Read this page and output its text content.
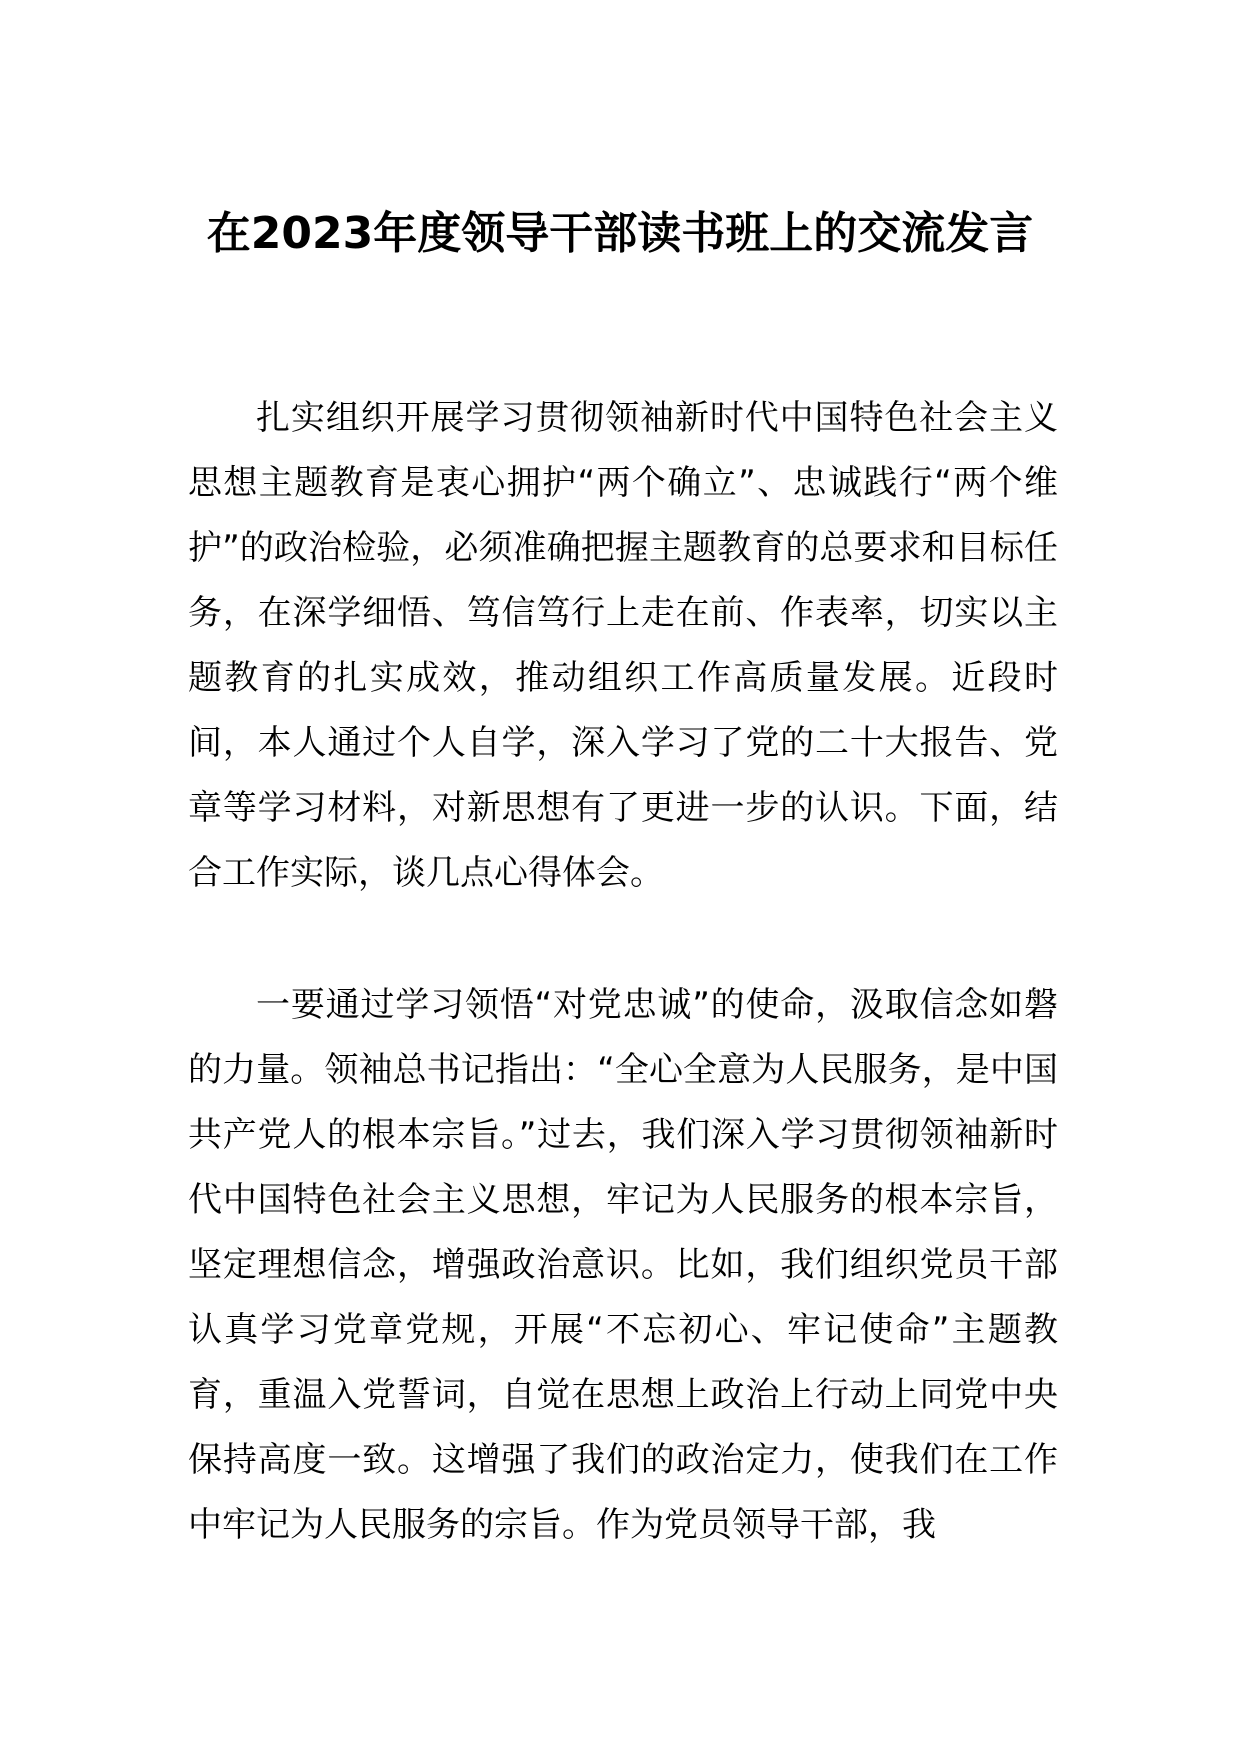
在2023年度领导干部读书班上的交流发言

扎实组织开展学习贯彻领袖新时代中国特色社会主义思想主题教育是衷心拥护“两个确立”、忠诚践行“两个维护”的政治检验，必须准确把握主题教育的总要求和目标任务，在深学细悟、笃信笃行上走在前、作表率，切实以主题教育的扎实成效，推动组织工作高质量发展。近段时间，本人通过个人自学，深入学习了党的二十大报告、党章等学习材料，对新思想有了更进一步的认识。下面，结合工作实际，谈几点心得体会。

一要通过学习领悟“对党忠诚”的使命，汲取信念如磐的力量。领袖总书记指出：“全心全意为人民服务，是中国共产党人的根本宗旨。”过去，我们深入学习贯彻领袖新时代中国特色社会主义思想，牢记为人民服务的根本宗旨，坚定理想信念，增强政治意识。比如，我们组织党员干部认真学习党章党规，开展“不忘初心、牢记使命”主题教育，重温入党誓词，自觉在思想上政治上行动上同党中央保持高度一致。这增强了我们的政治定力，使我们在工作中牢记为人民服务的宗旨。作为党员领导干部，我
